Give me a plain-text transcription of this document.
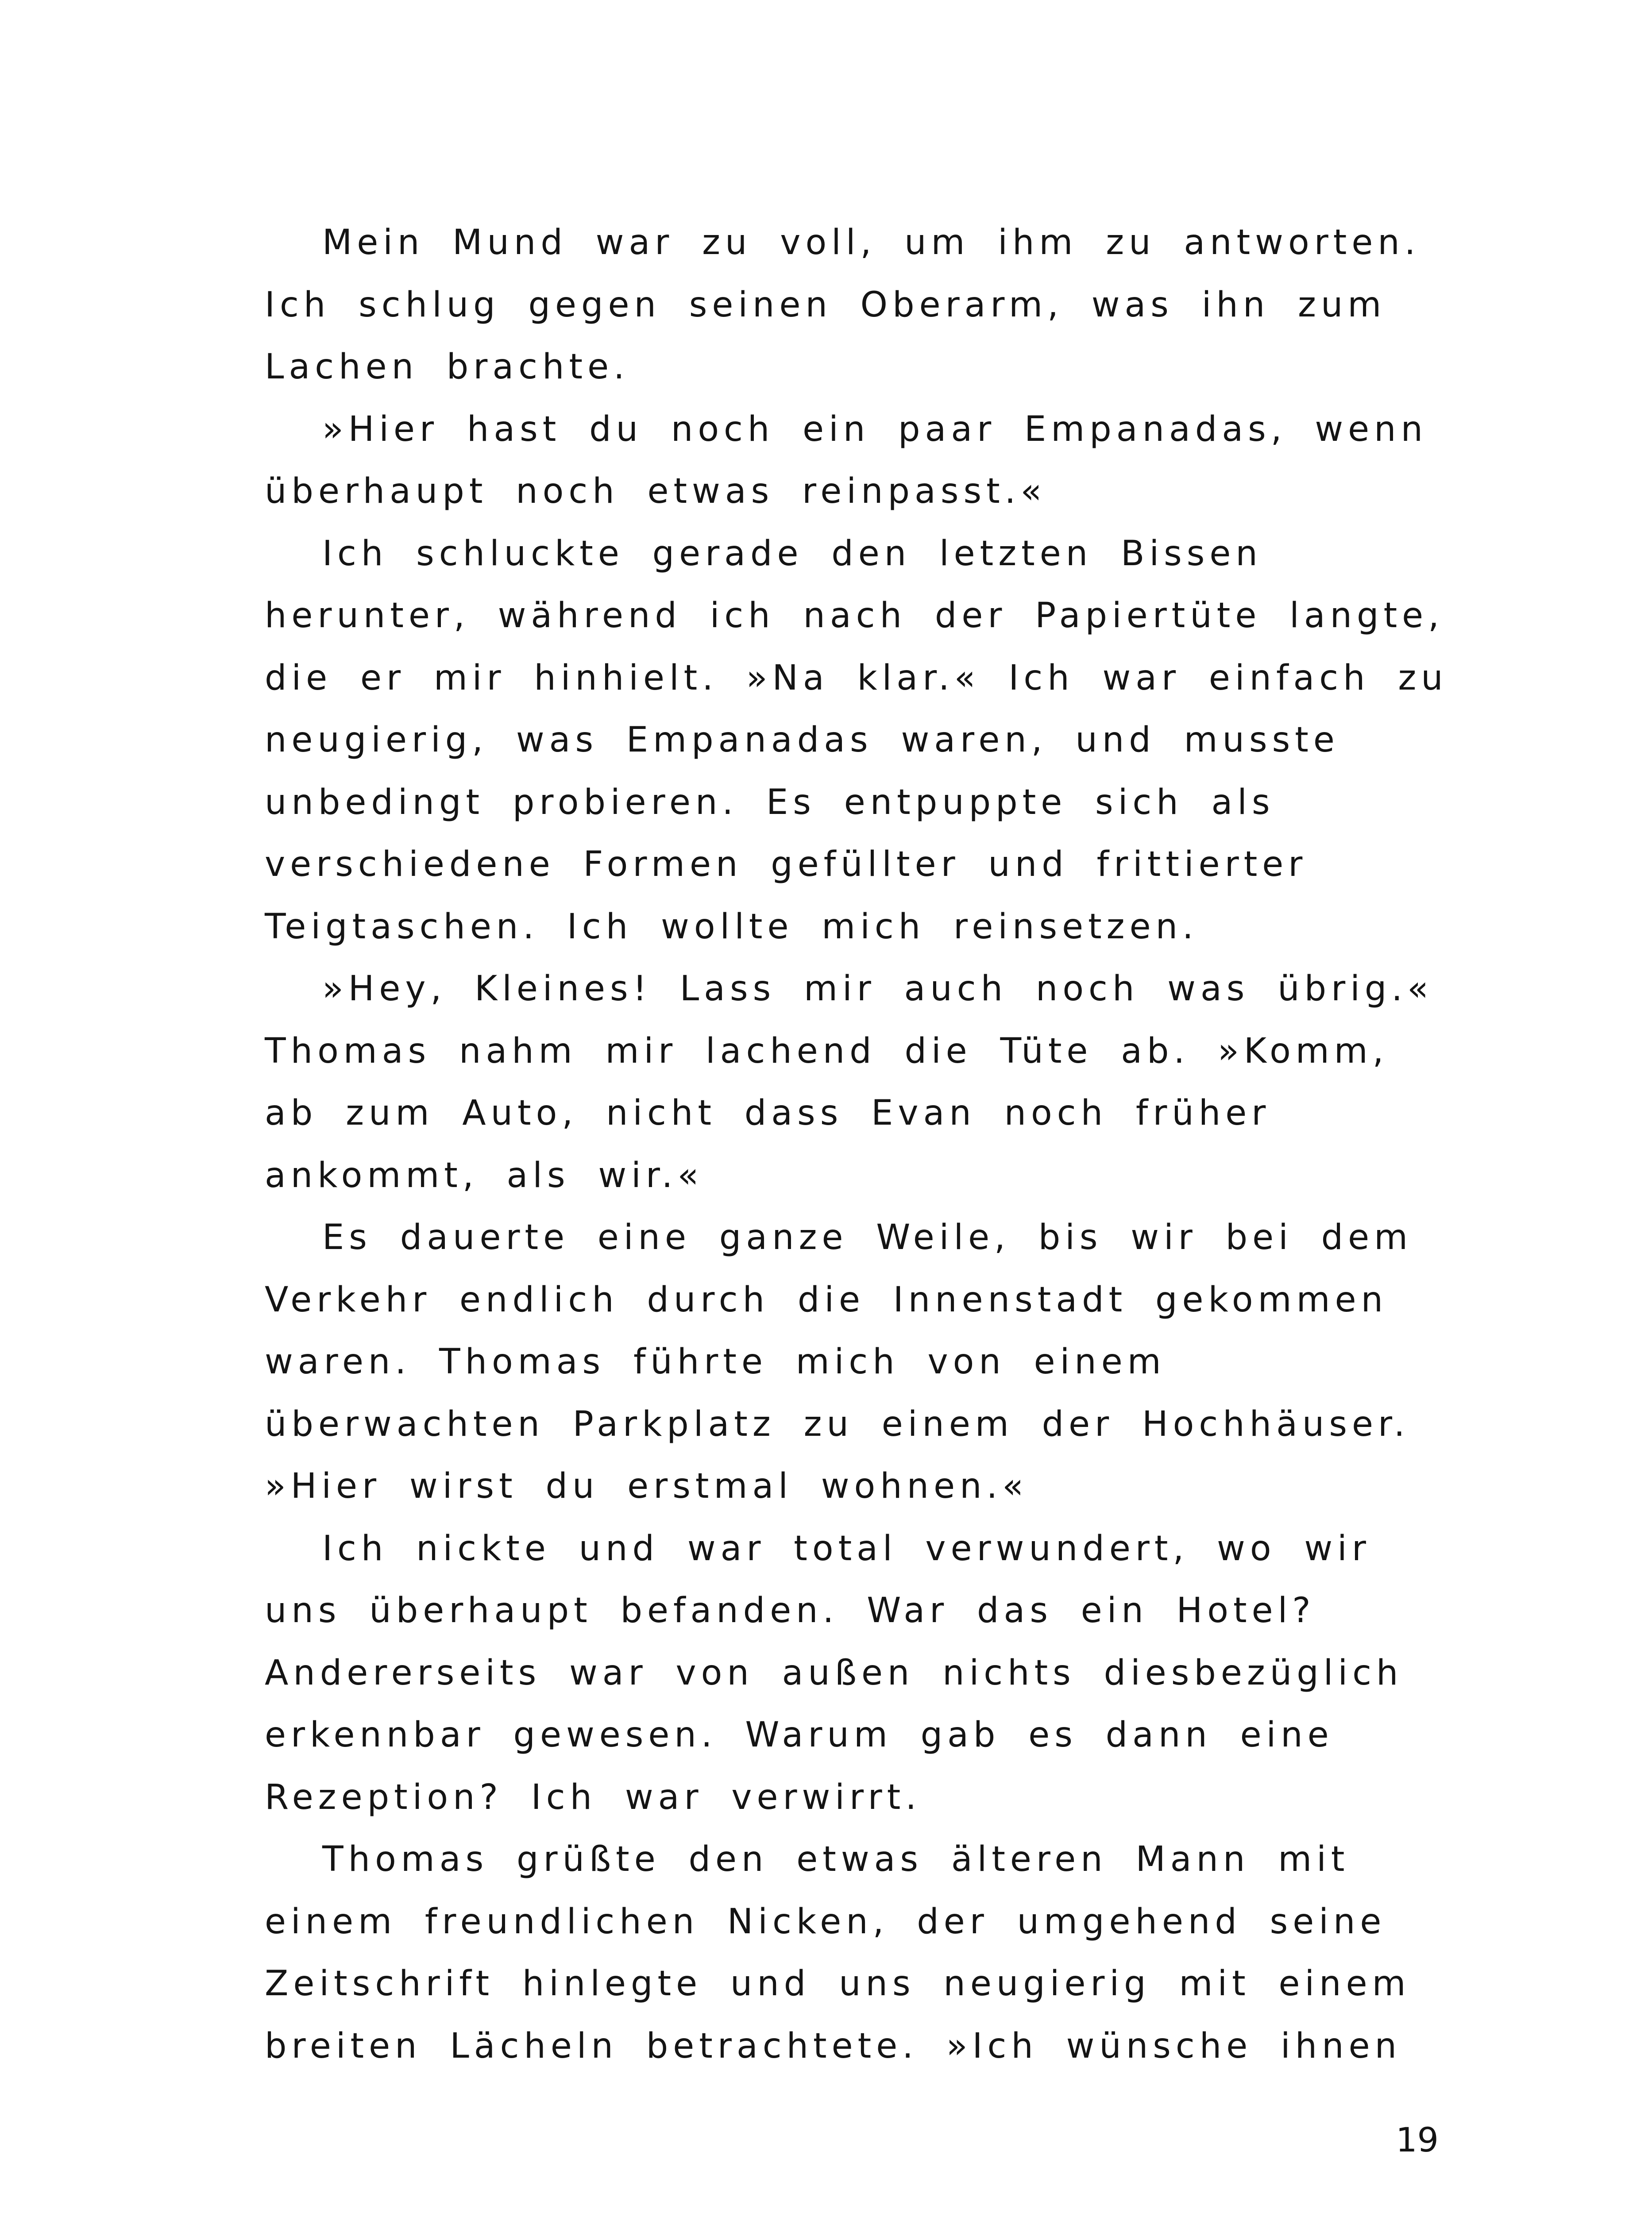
Mein Mund war zu voll, um ihm zu antworten.
Ich schlug gegen seinen Oberarm, was ihn zum
Lachen brachte.
»Hier hast du noch ein paar Empanadas, wenn
überhaupt noch etwas reinpasst.«
Ich schluckte gerade den letzten Bissen
herunter, während ich nach der Papiertüte langte,
die er mir hinhielt. »Na klar.« Ich war einfach zu
neugierig, was Empanadas waren, und musste
unbedingt probieren. Es entpuppte sich als
verschiedene Formen gefüllter und frittierter
Teigtaschen. Ich wollte mich reinsetzen.
»Hey, Kleines! Lass mir auch noch was übrig.«
Thomas nahm mir lachend die Tüte ab. »Komm,
ab zum Auto, nicht dass Evan noch früher
ankommt, als wir.«
Es dauerte eine ganze Weile, bis wir bei dem
Verkehr endlich durch die Innenstadt gekommen
waren. Thomas führte mich von einem
überwachten Parkplatz zu einem der Hochhäuser.
»Hier wirst du erstmal wohnen.«
Ich nickte und war total verwundert, wo wir
uns überhaupt befanden. War das ein Hotel?
Andererseits war von außen nichts diesbezüglich
erkennbar gewesen. Warum gab es dann eine
Rezeption? Ich war verwirrt.
Thomas grüßte den etwas älteren Mann mit
einem freundlichen Nicken, der umgehend seine
Zeitschrift hinlegte und uns neugierig mit einem
breiten Lächeln betrachtete. »Ich wünsche ihnen
19
